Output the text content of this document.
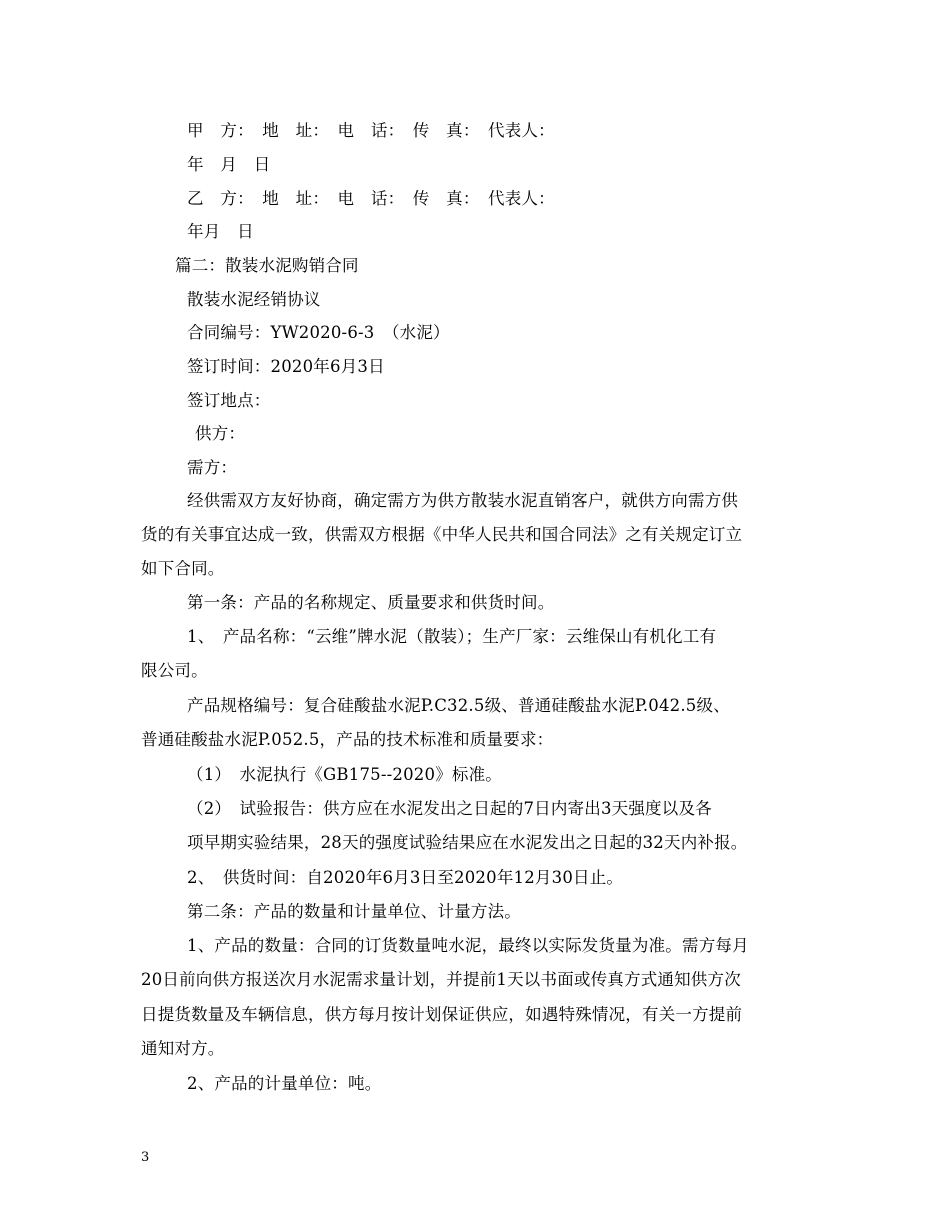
甲　方：　地　址：　电　话：　传　真：　代表人：
年　月　日
乙　方：　地　址：　电　话：　传　真：　代表人：
年月　日
篇二：散装水泥购销合同
散装水泥经销协议
合同编号：YW2020-6-3　（水泥）
签订时间：2020年6月3日
签订地点：
供方：
需方：
经供需双方友好协商，确定需方为供方散装水泥直销客户，就供方向需方供
货的有关事宜达成一致，供需双方根据《中华人民共和国合同法》之有关规定订立
如下合同。
第一条：产品的名称规定、质量要求和供货时间。
1、　产品名称：“云维”牌水泥（散装）；生产厂家：云维保山有机化工有
限公司。
产品规格编号：复合硅酸盐水泥P.C32.5级、普通硅酸盐水泥P.042.5级、
普通硅酸盐水泥P.052.5，产品的技术标准和质量要求：
（1）　水泥执行《GB175--2020》标准。
（2）　试验报告：供方应在水泥发出之日起的7日内寄出3天强度以及各
项早期实验结果，28天的强度试验结果应在水泥发出之日起的32天内补报。
2、　供货时间：自2020年6月3日至2020年12月30日止。
第二条：产品的数量和计量单位、计量方法。
1、产品的数量：合同的订货数量吨水泥，最终以实际发货量为准。需方每月
20日前向供方报送次月水泥需求量计划，并提前1天以书面或传真方式通知供方次
日提货数量及车辆信息，供方每月按计划保证供应，如遇特殊情况，有关一方提前
通知对方。
2、产品的计量单位：吨。
3
